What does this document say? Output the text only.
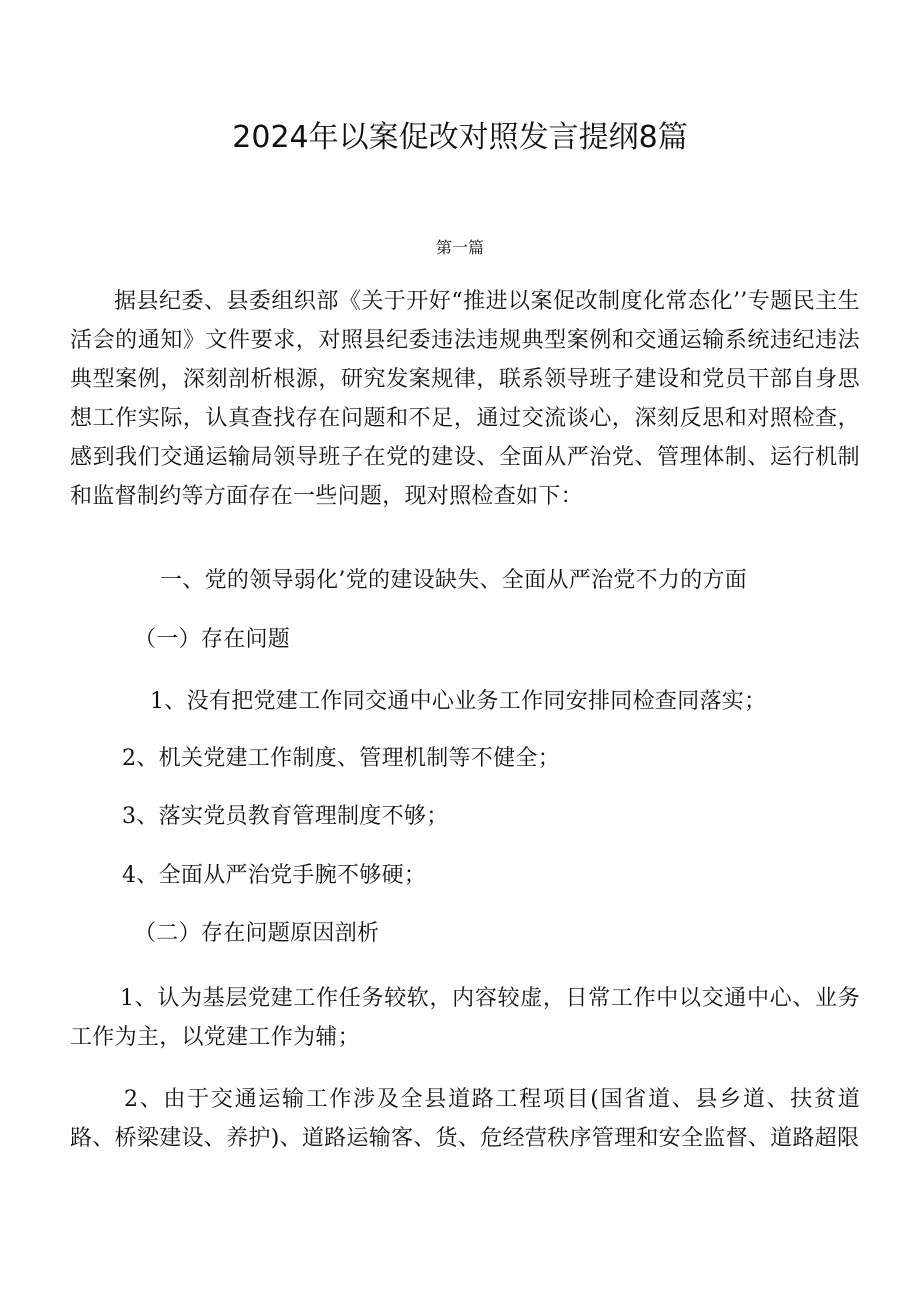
2024年以案促改对照发言提纲8篇
第一篇

据县纪委、县委组织部《关于开好“推进以案促改制度化常态化’’专题民主生活会的通知》文件要求，对照县纪委违法违规典型案例和交通运输系统违纪违法典型案例，深刻剖析根源，研究发案规律，联系领导班子建设和党员干部自身思想工作实际，认真查找存在问题和不足，通过交流谈心，深刻反思和对照检查，感到我们交通运输局领导班子在党的建设、全面从严治党、管理体制、运行机制和监督制约等方面存在一些问题，现对照检查如下：

一、党的领导弱化’党的建设缺失、全面从严治党不力的方面

（一）存在问题

1、没有把党建工作同交通中心业务工作同安排同检查同落实；

2、机关党建工作制度、管理机制等不健全；

3、落实党员教育管理制度不够；

4、全面从严治党手腕不够硬；

（二）存在问题原因剖析

1、认为基层党建工作任务较软，内容较虚，日常工作中以交通中心、业务工作为主，以党建工作为辅；

2、由于交通运输工作涉及全县道路工程项目(国省道、县乡道、扶贫道路、桥梁建设、养护)、道路运输客、货、危经营秩序管理和安全监督、道路超限
